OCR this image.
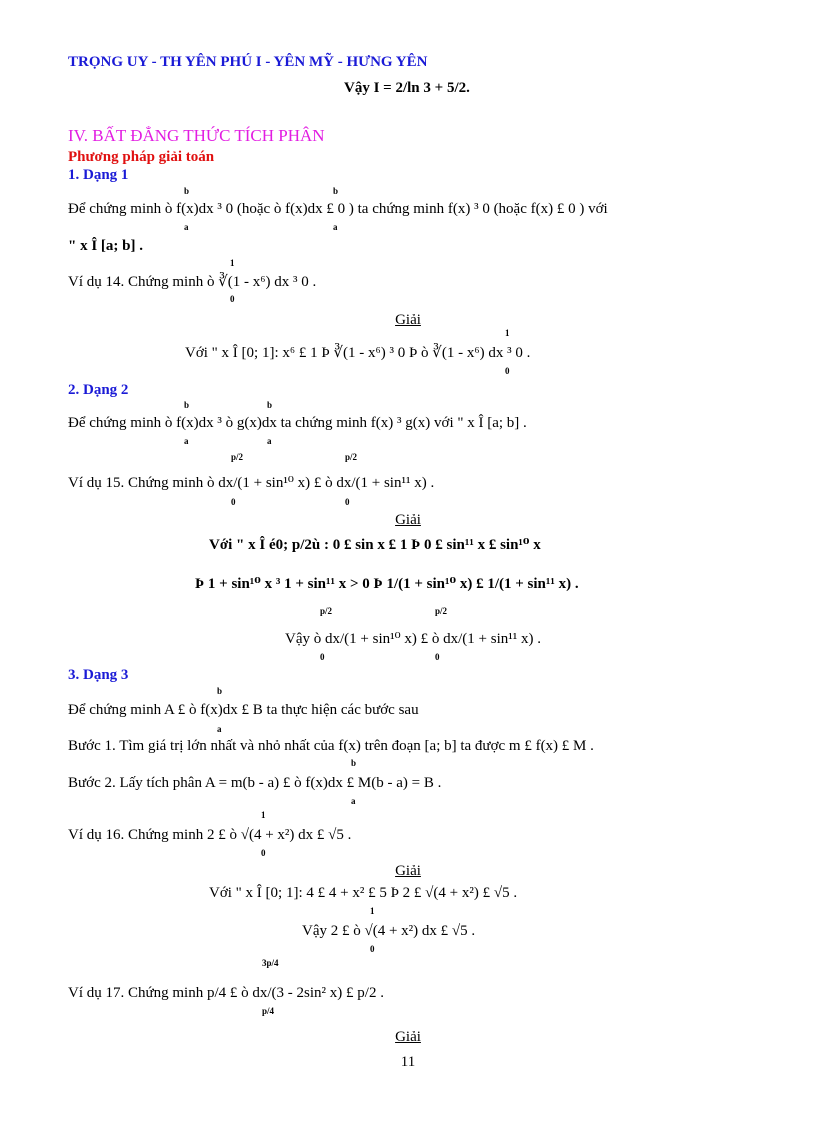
TRỌNG UY - TH YÊN PHÚ I - YÊN MỸ - HƯNG YÊN
Vậy I = 2/ln 3 + 5/2.
IV. BẤT ĐẲNG THỨC TÍCH PHÂN
Phương pháp giải toán
1. Dạng 1
b
a
b
a
Để chứng minh ò f(x)dx ³ 0 (hoặc ò f(x)dx £ 0 ) ta chứng minh f(x) ³ 0 (hoặc f(x) £ 0 ) với
" x Î [a; b] .
1
0
Ví dụ 14. Chứng minh ò ∛(1 - x⁶) dx ³ 0 .
Giải
1
0
Với " x Î [0; 1]: x⁶ £ 1 Þ ∛(1 - x⁶) ³ 0 Þ ò ∛(1 - x⁶) dx ³ 0 .
2. Dạng 2
b
a
b
a
Để chứng minh ò f(x)dx ³ ò g(x)dx ta chứng minh f(x) ³ g(x) với " x Î [a; b] .
p/2
0
p/2
0
Ví dụ 15. Chứng minh ò dx/(1 + sin¹⁰ x) £ ò dx/(1 + sin¹¹ x) .
Giải
Với " x Î é0; p/2ù : 0 £ sin x £ 1 Þ 0 £ sin¹¹ x £ sin¹⁰ x
Þ 1 + sin¹⁰ x ³ 1 + sin¹¹ x > 0 Þ 1/(1 + sin¹⁰ x) £ 1/(1 + sin¹¹ x) .
p/2
0
p/2
0
Vậy ò dx/(1 + sin¹⁰ x) £ ò dx/(1 + sin¹¹ x) .
3. Dạng 3
b
a
Để chứng minh A £ ò f(x)dx £ B ta thực hiện các bước sau
Bước 1. Tìm giá trị lớn nhất và nhỏ nhất của f(x) trên đoạn [a; b] ta được m £ f(x) £ M .
b
a
Bước 2. Lấy tích phân A = m(b - a) £ ò f(x)dx £ M(b - a) = B .
1
0
Ví dụ 16. Chứng minh 2 £ ò √(4 + x²) dx £ √5 .
Giải
Với " x Î [0; 1]: 4 £ 4 + x² £ 5 Þ 2 £ √(4 + x²) £ √5 .
1
0
Vậy 2 £ ò √(4 + x²) dx £ √5 .
3p/4
p/4
Ví dụ 17. Chứng minh p/4 £ ò dx/(3 - 2sin² x) £ p/2 .
Giải
11
